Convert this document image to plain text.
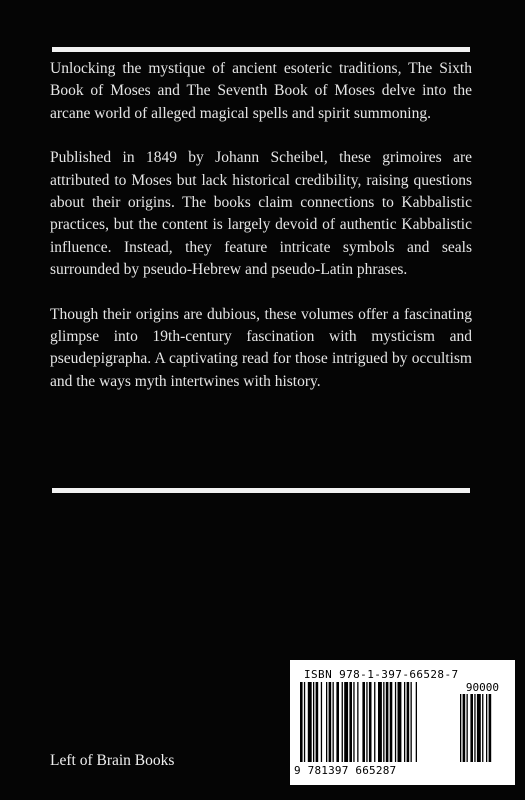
Unlocking the mystique of ancient esoteric traditions, The Sixth Book of Moses and The Seventh Book of Moses delve into the arcane world of alleged magical spells and spirit summoning.

Published in 1849 by Johann Scheibel, these grimoires are attributed to Moses but lack historical credibility, raising questions about their origins. The books claim connections to Kabbalistic practices, but the content is largely devoid of authentic Kabbalistic influence. Instead, they feature intricate symbols and seals surrounded by pseudo-Hebrew and pseudo-Latin phrases.

Though their origins are dubious, these volumes offer a fascinating glimpse into 19th-century fascination with mysticism and pseudepigrapha. A captivating read for those intrigued by occultism and the ways myth intertwines with history.

Left of Brain Books
ISBN 978-1-397-66528-7
90000
9 781397 665287
